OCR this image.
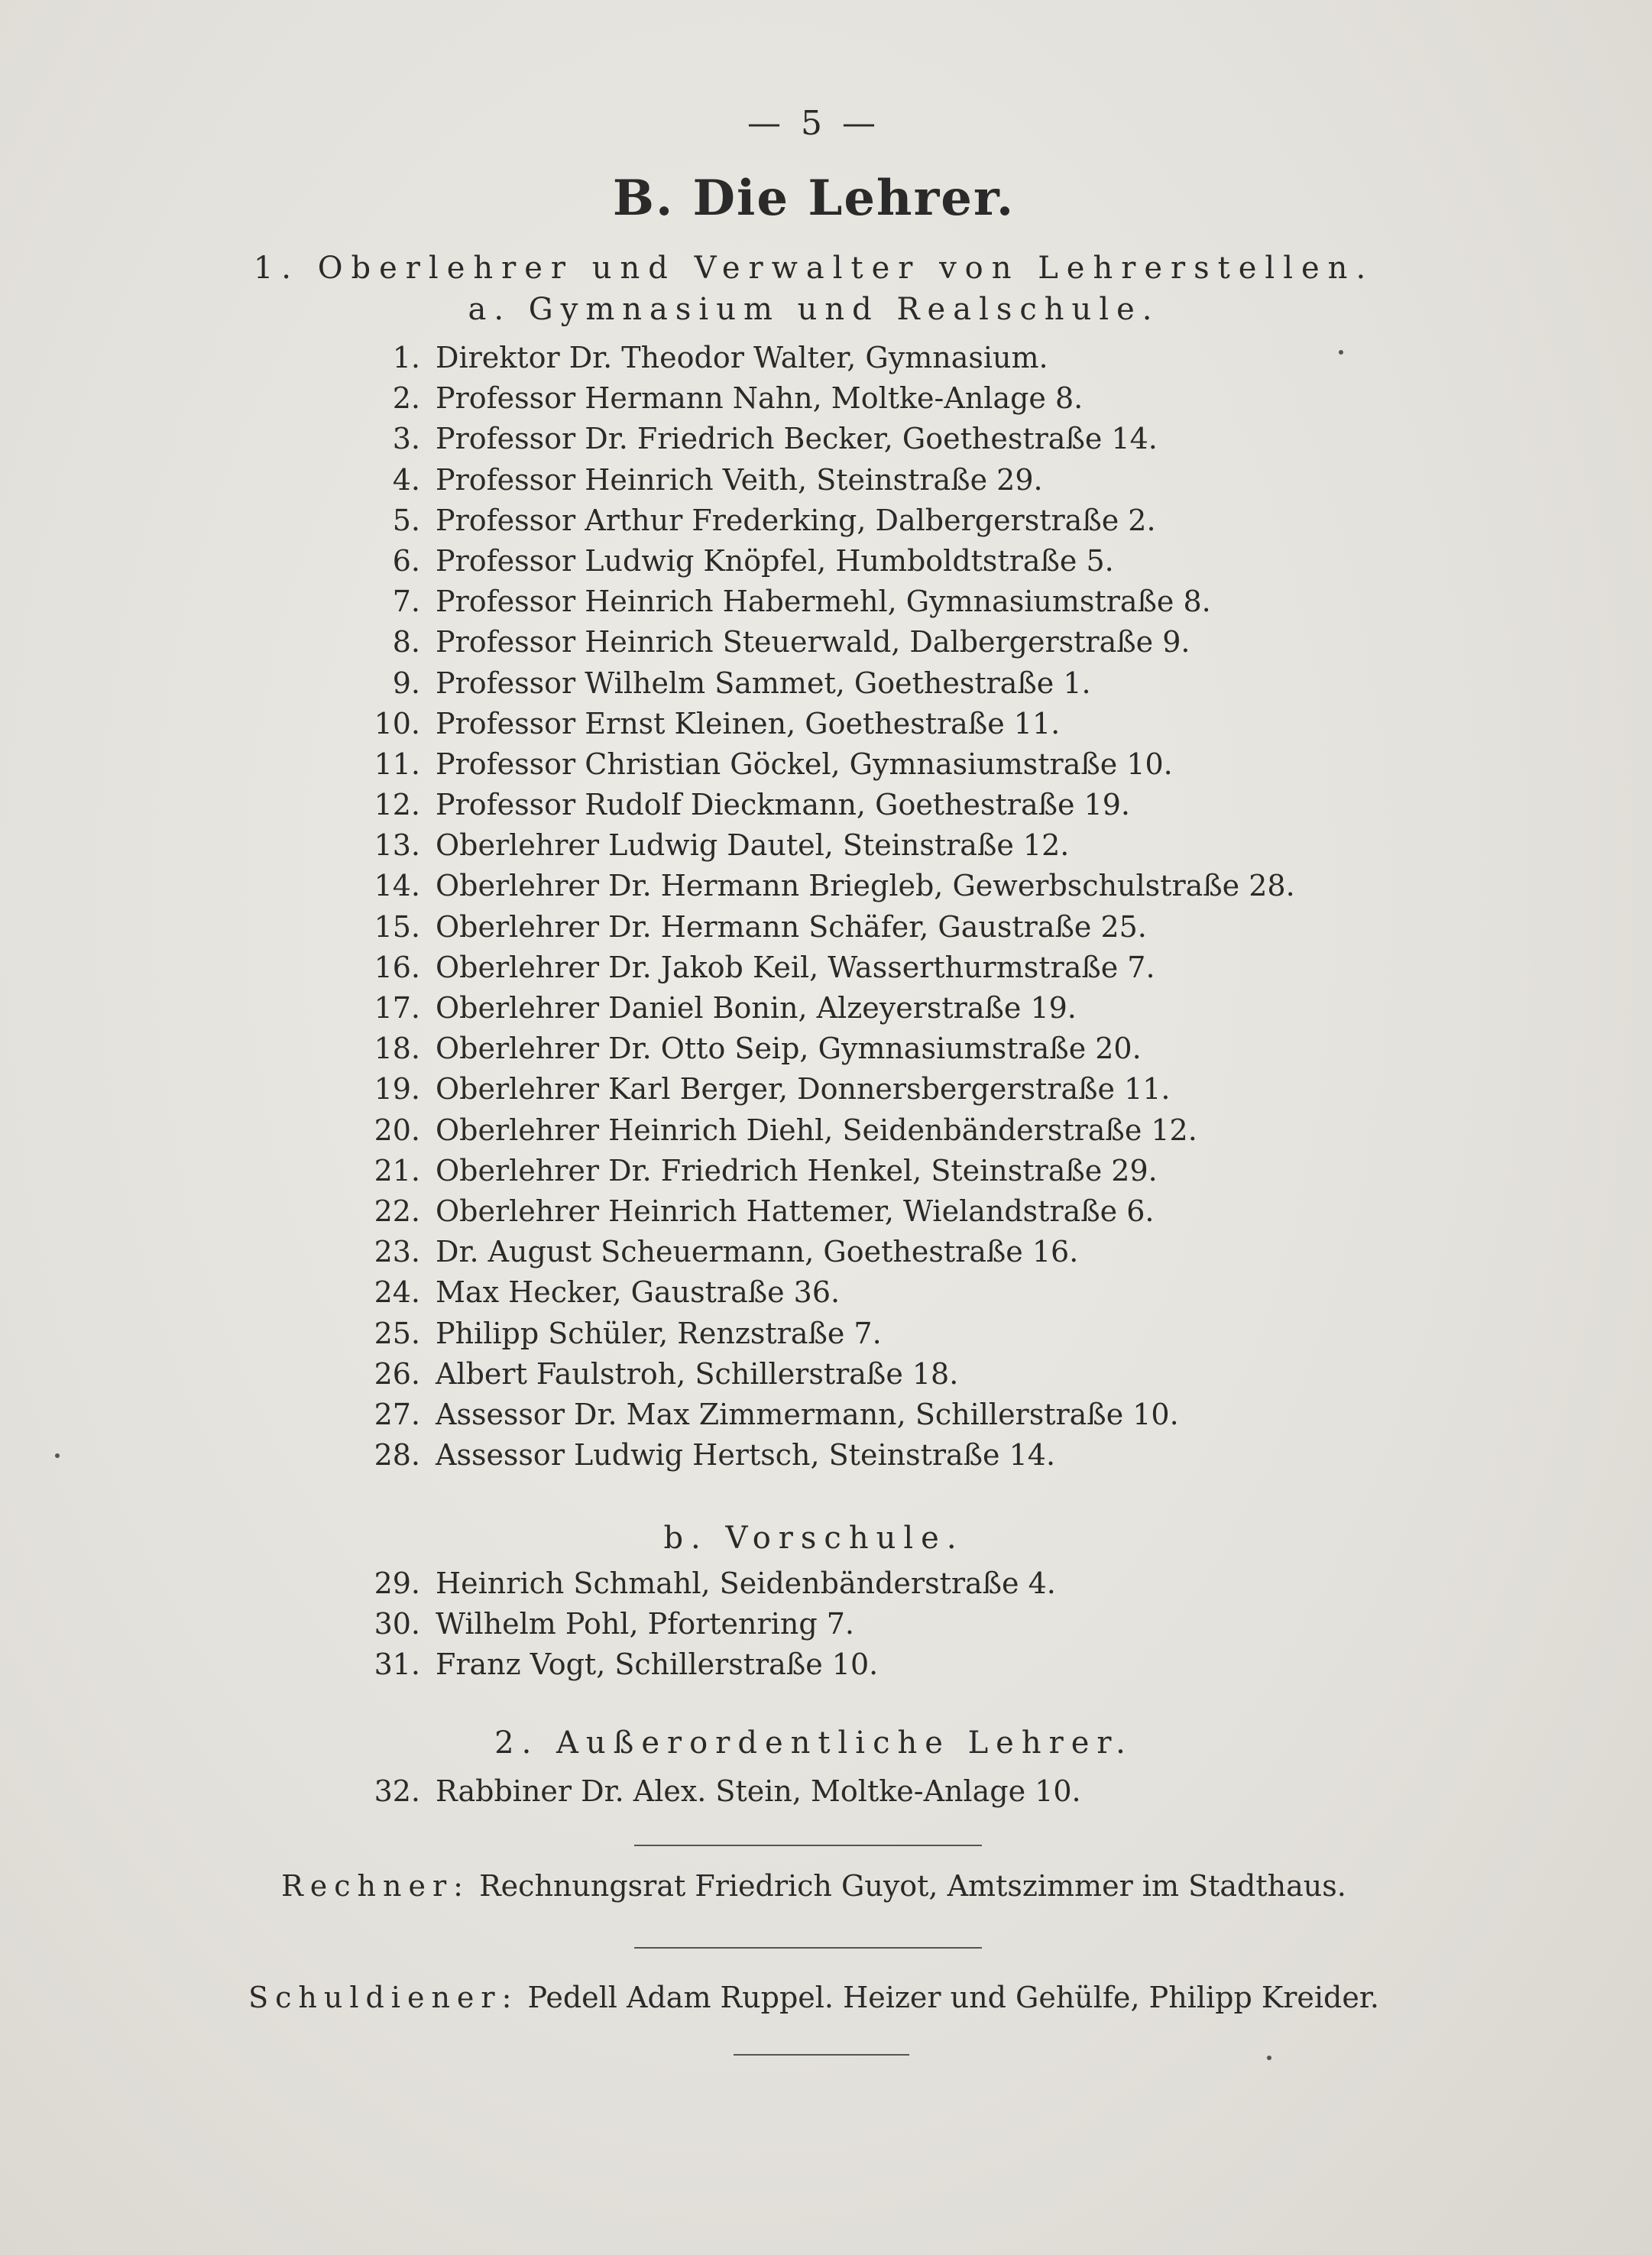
— 5 —
B. Die Lehrer.
1. Oberlehrer und Verwalter von Lehrerstellen.
a. Gymnasium und Realschule.
1. Direktor Dr. Theodor Walter, Gymnasium.
2. Professor Hermann Nahn, Moltke-Anlage 8.
3. Professor Dr. Friedrich Becker, Goethestraße 14.
4. Professor Heinrich Veith, Steinstraße 29.
5. Professor Arthur Frederking, Dalbergerstraße 2.
6. Professor Ludwig Knöpfel, Humboldtstraße 5.
7. Professor Heinrich Habermehl, Gymnasiumstraße 8.
8. Professor Heinrich Steuerwald, Dalbergerstraße 9.
9. Professor Wilhelm Sammet, Goethestraße 1.
10. Professor Ernst Kleinen, Goethestraße 11.
11. Professor Christian Göckel, Gymnasiumstraße 10.
12. Professor Rudolf Dieckmann, Goethestraße 19.
13. Oberlehrer Ludwig Dautel, Steinstraße 12.
14. Oberlehrer Dr. Hermann Briegleb, Gewerbschulstraße 28.
15. Oberlehrer Dr. Hermann Schäfer, Gaustraße 25.
16. Oberlehrer Dr. Jakob Keil, Wasserthurmstraße 7.
17. Oberlehrer Daniel Bonin, Alzeyerstraße 19.
18. Oberlehrer Dr. Otto Seip, Gymnasiumstraße 20.
19. Oberlehrer Karl Berger, Donnersbergerstraße 11.
20. Oberlehrer Heinrich Diehl, Seidenbänderstraße 12.
21. Oberlehrer Dr. Friedrich Henkel, Steinstraße 29.
22. Oberlehrer Heinrich Hattemer, Wielandstraße 6.
23. Dr. August Scheuermann, Goethestraße 16.
24. Max Hecker, Gaustraße 36.
25. Philipp Schüler, Renzstraße 7.
26. Albert Faulstroh, Schillerstraße 18.
27. Assessor Dr. Max Zimmermann, Schillerstraße 10.
28. Assessor Ludwig Hertsch, Steinstraße 14.
b. Vorschule.
29. Heinrich Schmahl, Seidenbänderstraße 4.
30. Wilhelm Pohl, Pfortenring 7.
31. Franz Vogt, Schillerstraße 10.
2. Außerordentliche Lehrer.
32. Rabbiner Dr. Alex. Stein, Moltke-Anlage 10.
Rechner: Rechnungsrat Friedrich Guyot, Amtszimmer im Stadthaus.
Schuldiener: Pedell Adam Ruppel. Heizer und Gehülfe, Philipp Kreider.
